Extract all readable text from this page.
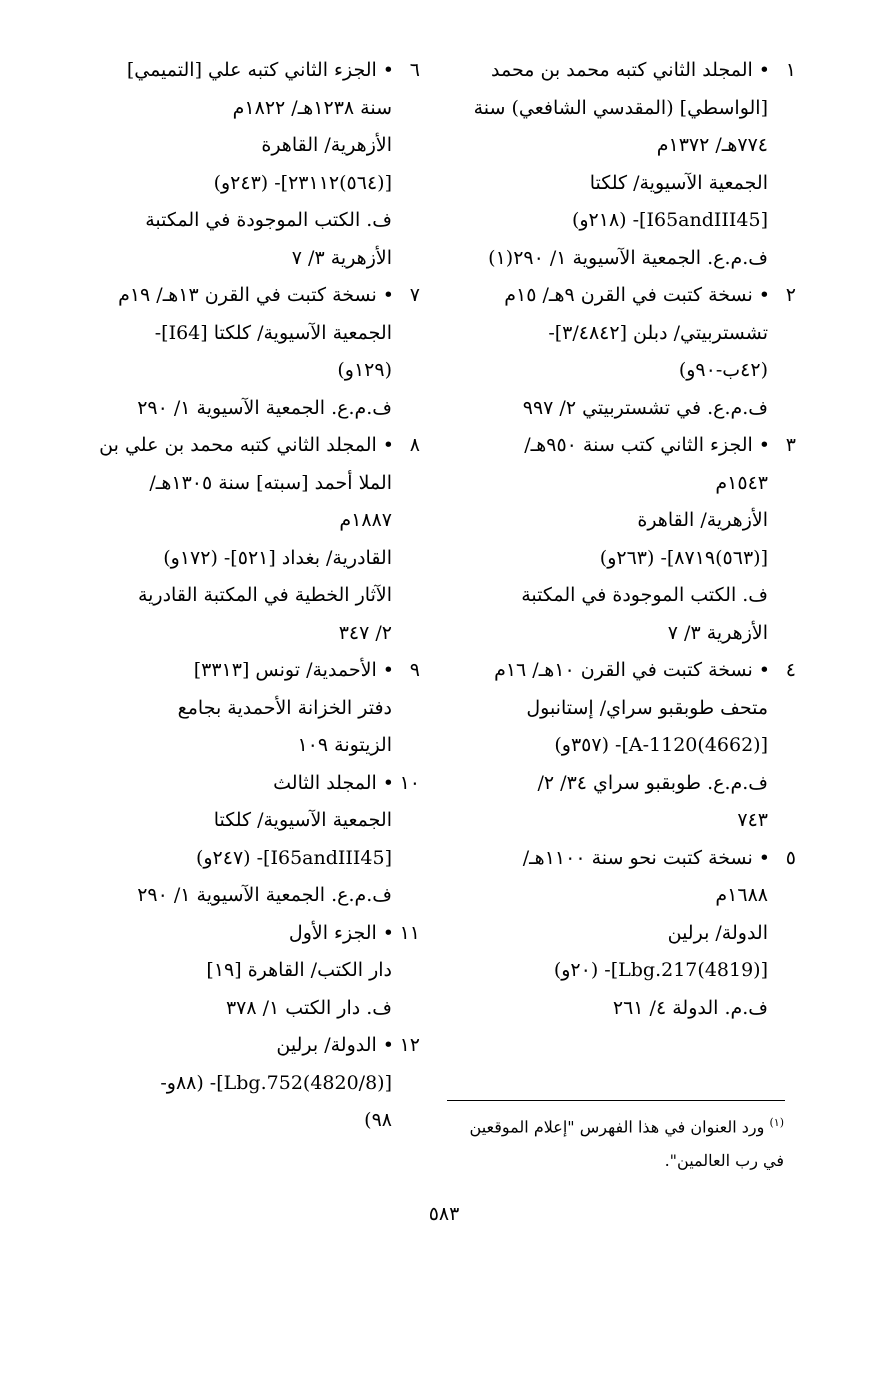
١•المجلد الثاني كتبه محمد بن محمد
[الواسطي] (المقدسي الشافعي) سنة
٧٧٤هـ/ ١٣٧٢م
الجمعية الآسيوية/ كلكتا
[I65andIII45]- (٢١٨و)
ف.م.ع. الجمعية الآسيوية ١/ ٢٩٠(١)
٢•نسخة كتبت في القرن ٩هـ/ ١٥م
تشستربيتي/ دبلن [٣/٤٨٤٢]-
(٤٢ب-٩٠و)
ف.م.ع. في تشستربيتي ٢/ ٩٩٧
٣•الجزء الثاني كتب سنة ٩٥٠هـ/
١٥٤٣م
الأزهرية/ القاهرة
[(٥٦٣)٨٧١٩]- (٢٦٣و)
ف. الكتب الموجودة في المكتبة
الأزهرية ٣/ ٧
٤•نسخة كتبت في القرن ١٠هـ/ ١٦م
متحف طوبقبو سراي/ إستانبول
[(4662)A-1120]- (٣٥٧و)
ف.م.ع. طوبقبو سراي ٣٤/ ٢/
٧٤٣
٥•نسخة كتبت نحو سنة ١١٠٠هـ/
١٦٨٨م
الدولة/ برلين
[(4819)Lbg.217]- (٢٠و)
ف.م. الدولة ٤/ ٢٦١
٦•الجزء الثاني كتبه علي [التميمي]
سنة ١٢٣٨هـ/ ١٨٢٢م
الأزهرية/ القاهرة
[(٥٦٤)٢٣١١٢]- (٢٤٣و)
ف. الكتب الموجودة في المكتبة
الأزهرية ٣/ ٧
٧•نسخة كتبت في القرن ١٣هـ/ ١٩م
الجمعية الآسيوية/ كلكتا [I64]-
(١٢٩و)
ف.م.ع. الجمعية الآسيوية ١/ ٢٩٠
٨•المجلد الثاني كتبه محمد بن علي بن
الملا أحمد [سبته] سنة ١٣٠٥هـ/
١٨٨٧م
القادرية/ بغداد [٥٢١]- (١٧٢و)
الآثار الخطية في المكتبة القادرية
٢/ ٣٤٧
٩•الأحمدية/ تونس [٣٣١٣]
دفتر الخزانة الأحمدية بجامع
الزيتونة ١٠٩
١٠•المجلد الثالث
الجمعية الآسيوية/ كلكتا
[I65andIII45]- (٢٤٧و)
ف.م.ع. الجمعية الآسيوية ١/ ٢٩٠
١١•الجزء الأول
دار الكتب/ القاهرة [١٩]
ف. دار الكتب ١/ ٣٧٨
١٢•الدولة/ برلين
[(4820/8)Lbg.752]- (٨٨و-
٩٨)	$^{(١)}$ ورد العنوان في هذا الفهرس "إعلام الموقعين في رب العالمين".
٥٨٣
